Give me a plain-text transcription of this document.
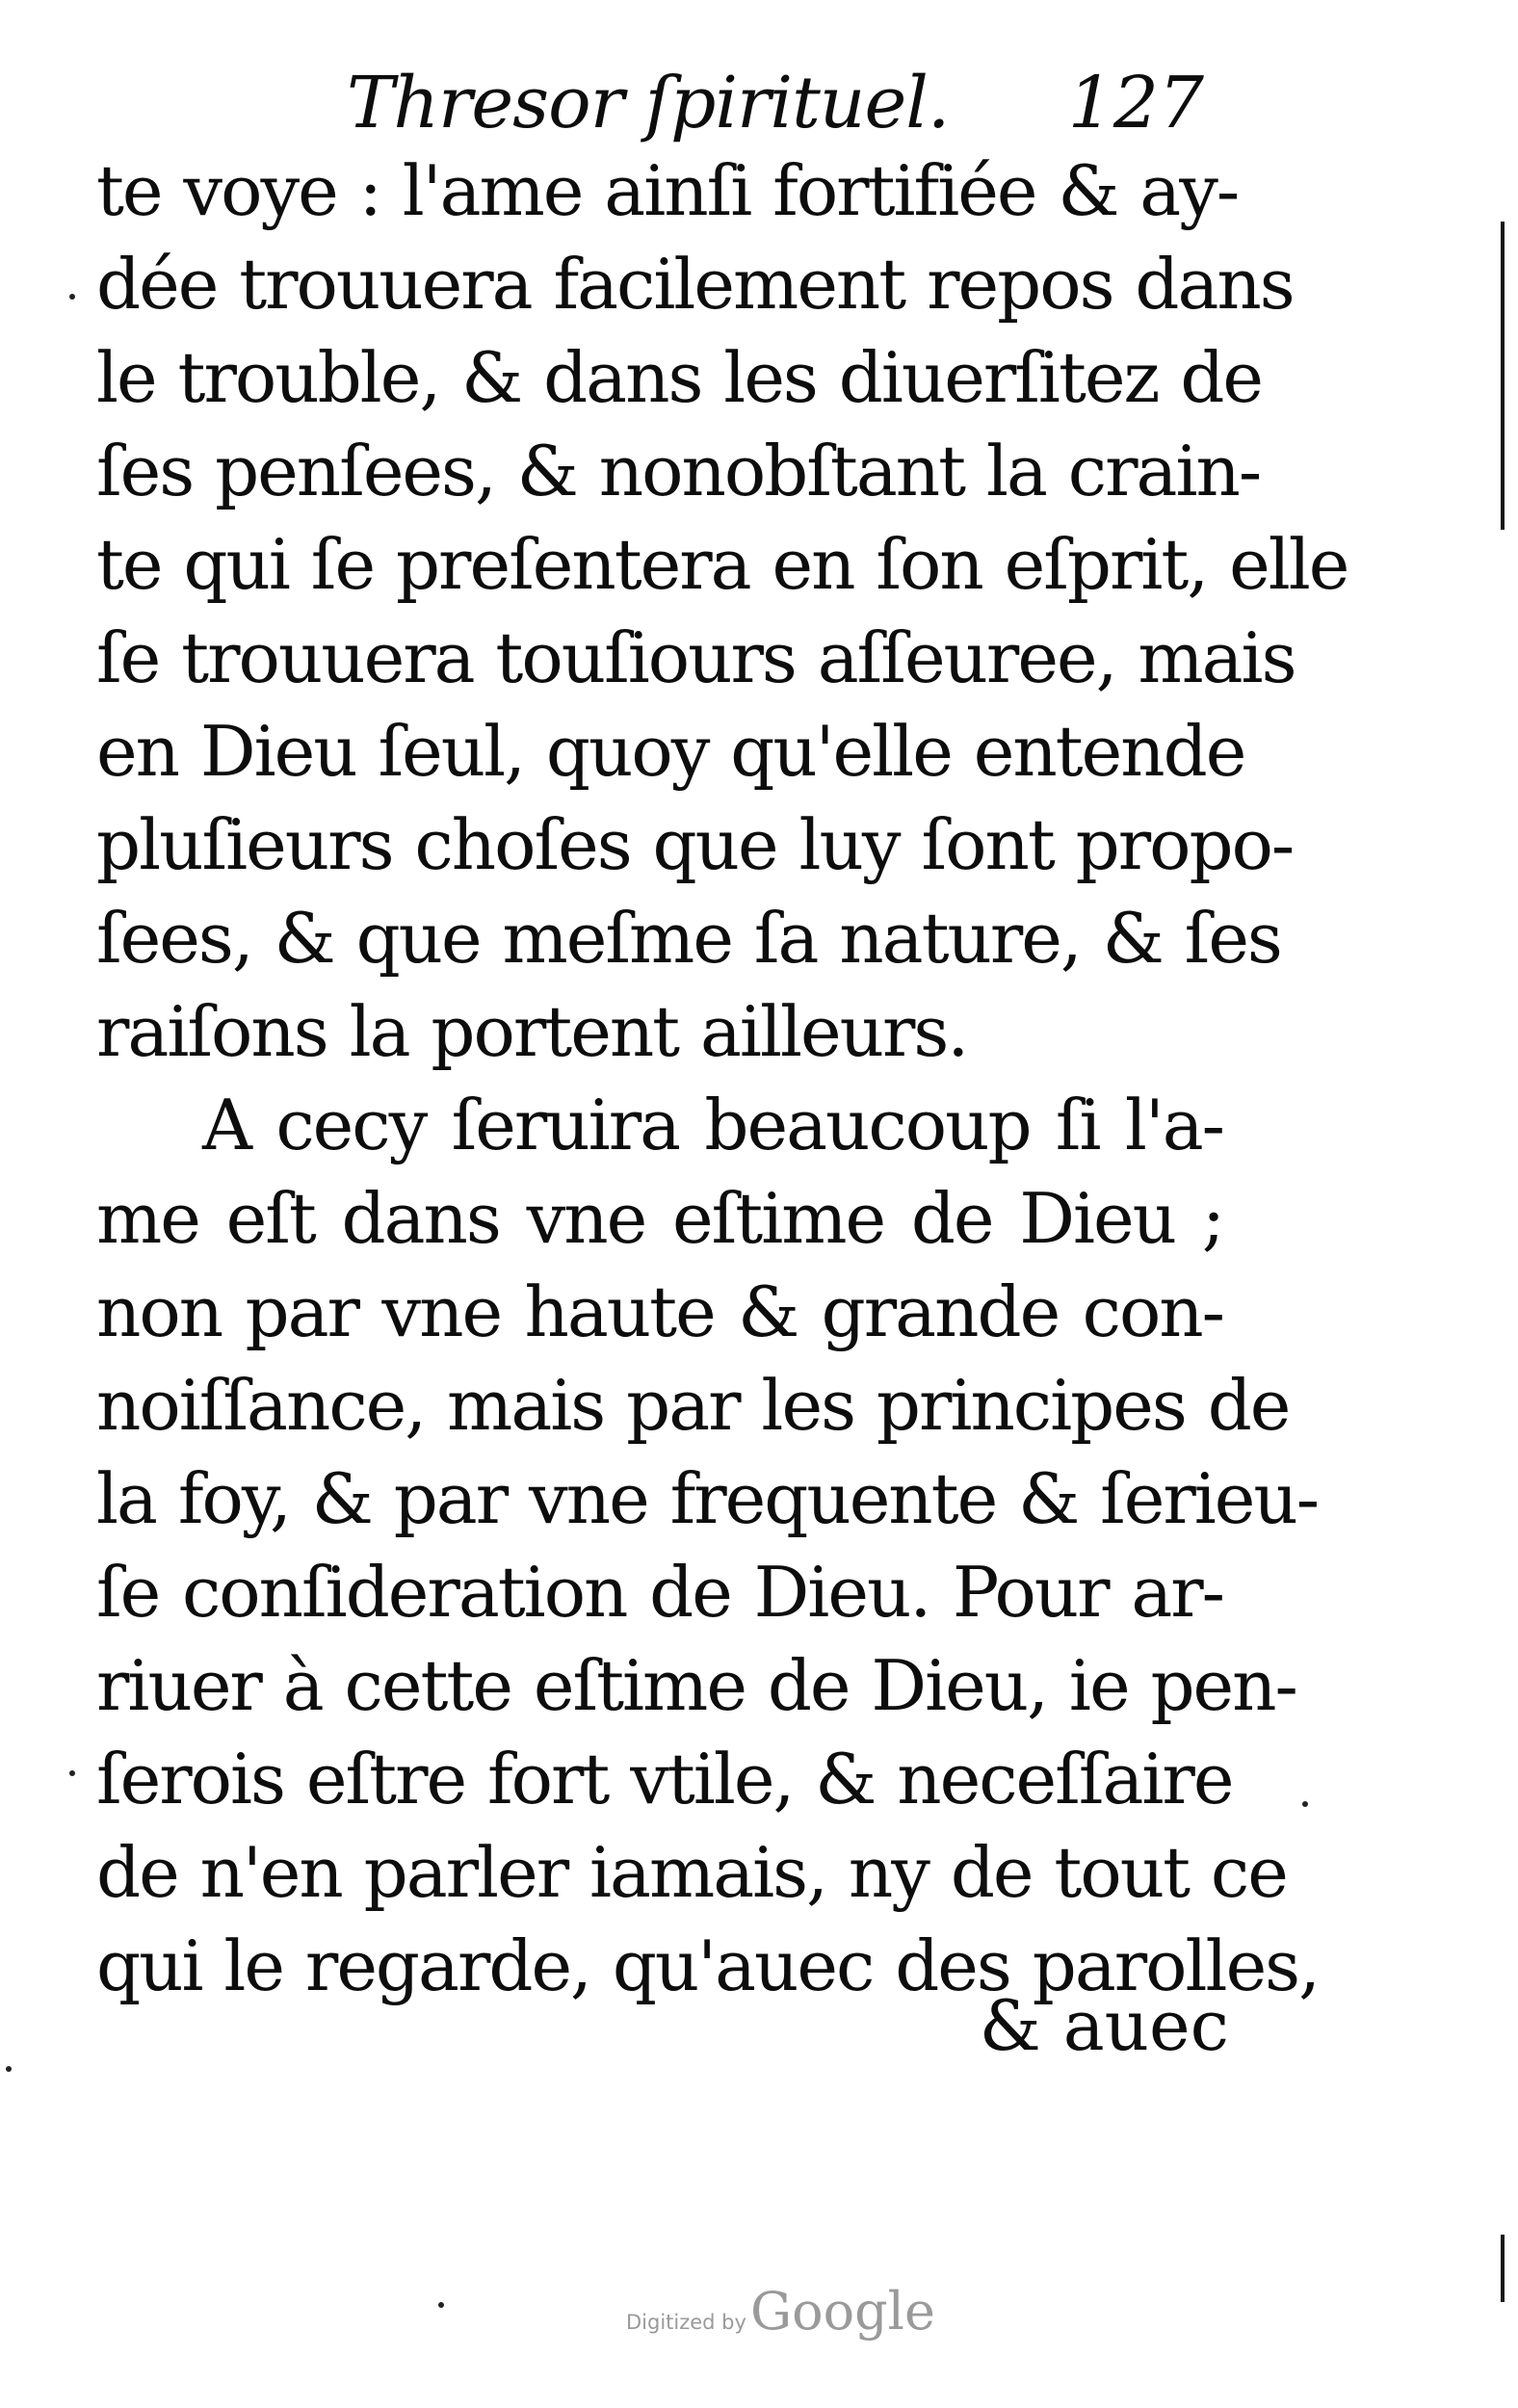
Thresor ſpirituel. 127
te voye : l'ame ainſi fortifiée & ay-
dée trouuera facilement repos dans
le trouble, & dans les diuerſitez de
ſes penſees, & nonobſtant la crain-
te qui ſe preſentera en ſon eſprit, elle
ſe trouuera touſiours aſſeuree, mais
en Dieu ſeul, quoy qu'elle entende
pluſieurs choſes que luy ſont propo-
ſees, & que meſme ſa nature, & ſes
raiſons la portent ailleurs.
A cecy ſeruira beaucoup ſi l'a-
me eſt dans vne eſtime de Dieu ;
non par vne haute & grande con-
noiſſance, mais par les principes de
la foy, & par vne frequente & ſerieu-
ſe conſideration de Dieu. Pour ar-
riuer à cette eſtime de Dieu, ie pen-
ſerois eſtre fort vtile, & neceſſaire
de n'en parler iamais, ny de tout ce
qui le regarde, qu'auec des parolles,
& auec
Digitized by Google
